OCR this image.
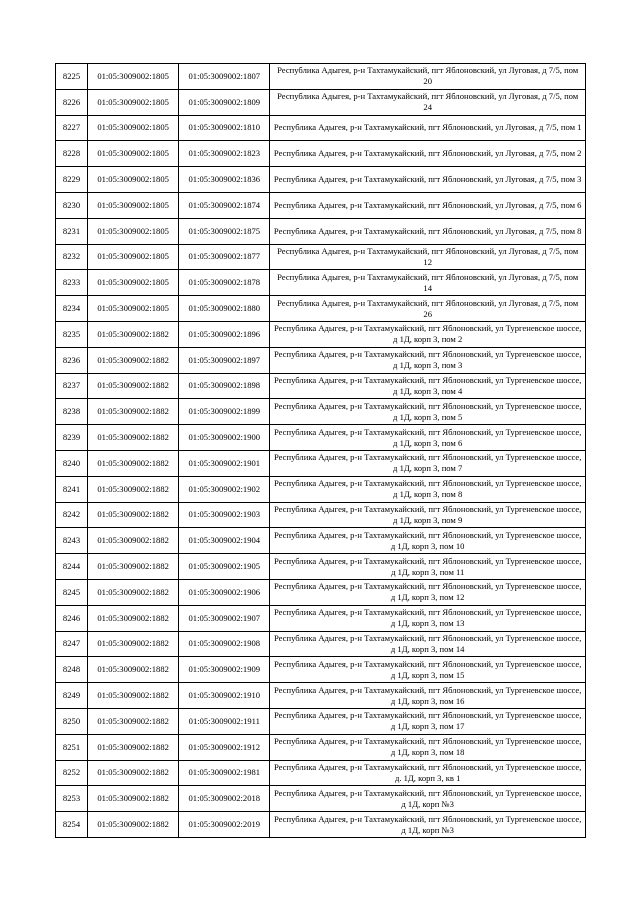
8225	01:05:3009002:1805	01:05:3009002:1807	Республика Адыгея, р-н Тахтамукайский, пгт Яблоновский, ул Луговая, д 7/5, пом 20
8226	01:05:3009002:1805	01:05:3009002:1809	Республика Адыгея, р-н Тахтамукайский, пгт Яблоновский, ул Луговая, д 7/5, пом 24
8227	01:05:3009002:1805	01:05:3009002:1810	Республика Адыгея, р-н Тахтамукайский, пгт Яблоновский, ул Луговая, д 7/5, пом 1
8228	01:05:3009002:1805	01:05:3009002:1823	Республика Адыгея, р-н Тахтамукайский, пгт Яблоновский, ул Луговая, д 7/5, пом 2
8229	01:05:3009002:1805	01:05:3009002:1836	Республика Адыгея, р-н Тахтамукайский, пгт Яблоновский, ул Луговая, д 7/5, пом 3
8230	01:05:3009002:1805	01:05:3009002:1874	Республика Адыгея, р-н Тахтамукайский, пгт Яблоновский, ул Луговая, д 7/5, пом 6
8231	01:05:3009002:1805	01:05:3009002:1875	Республика Адыгея, р-н Тахтамукайский, пгт Яблоновский, ул Луговая, д 7/5, пом 8
8232	01:05:3009002:1805	01:05:3009002:1877	Республика Адыгея, р-н Тахтамукайский, пгт Яблоновский, ул Луговая, д 7/5, пом 12
8233	01:05:3009002:1805	01:05:3009002:1878	Республика Адыгея, р-н Тахтамукайский, пгт Яблоновский, ул Луговая, д 7/5, пом 14
8234	01:05:3009002:1805	01:05:3009002:1880	Республика Адыгея, р-н Тахтамукайский, пгт Яблоновский, ул Луговая, д 7/5, пом 26
8235	01:05:3009002:1882	01:05:3009002:1896	Республика Адыгея, р-н Тахтамукайский, пгт Яблоновский, ул Тургеневское шоссе, д 1Д, корп 3, пом 2
8236	01:05:3009002:1882	01:05:3009002:1897	Республика Адыгея, р-н Тахтамукайский, пгт Яблоновский, ул Тургеневское шоссе, д 1Д, корп 3, пом 3
8237	01:05:3009002:1882	01:05:3009002:1898	Республика Адыгея, р-н Тахтамукайский, пгт Яблоновский, ул Тургеневское шоссе, д 1Д, корп 3, пом 4
8238	01:05:3009002:1882	01:05:3009002:1899	Республика Адыгея, р-н Тахтамукайский, пгт Яблоновский, ул Тургеневское шоссе, д 1Д, корп 3, пом 5
8239	01:05:3009002:1882	01:05:3009002:1900	Республика Адыгея, р-н Тахтамукайский, пгт Яблоновский, ул Тургеневское шоссе, д 1Д, корп 3, пом 6
8240	01:05:3009002:1882	01:05:3009002:1901	Республика Адыгея, р-н Тахтамукайский, пгт Яблоновский, ул Тургеневское шоссе, д 1Д, корп 3, пом 7
8241	01:05:3009002:1882	01:05:3009002:1902	Республика Адыгея, р-н Тахтамукайский, пгт Яблоновский, ул Тургеневское шоссе, д 1Д, корп 3, пом 8
8242	01:05:3009002:1882	01:05:3009002:1903	Республика Адыгея, р-н Тахтамукайский, пгт Яблоновский, ул Тургеневское шоссе, д 1Д, корп 3, пом 9
8243	01:05:3009002:1882	01:05:3009002:1904	Республика Адыгея, р-н Тахтамукайский, пгт Яблоновский, ул Тургеневское шоссе, д 1Д, корп 3, пом 10
8244	01:05:3009002:1882	01:05:3009002:1905	Республика Адыгея, р-н Тахтамукайский, пгт Яблоновский, ул Тургеневское шоссе, д 1Д, корп 3, пом 11
8245	01:05:3009002:1882	01:05:3009002:1906	Республика Адыгея, р-н Тахтамукайский, пгт Яблоновский, ул Тургеневское шоссе, д 1Д, корп 3, пом 12
8246	01:05:3009002:1882	01:05:3009002:1907	Республика Адыгея, р-н Тахтамукайский, пгт Яблоновский, ул Тургеневское шоссе, д 1Д, корп 3, пом 13
8247	01:05:3009002:1882	01:05:3009002:1908	Республика Адыгея, р-н Тахтамукайский, пгт Яблоновский, ул Тургеневское шоссе, д 1Д, корп 3, пом 14
8248	01:05:3009002:1882	01:05:3009002:1909	Республика Адыгея, р-н Тахтамукайский, пгт Яблоновский, ул Тургеневское шоссе, д 1Д, корп 3, пом 15
8249	01:05:3009002:1882	01:05:3009002:1910	Республика Адыгея, р-н Тахтамукайский, пгт Яблоновский, ул Тургеневское шоссе, д 1Д, корп 3, пом 16
8250	01:05:3009002:1882	01:05:3009002:1911	Республика Адыгея, р-н Тахтамукайский, пгт Яблоновский, ул Тургеневское шоссе, д 1Д, корп 3, пом 17
8251	01:05:3009002:1882	01:05:3009002:1912	Республика Адыгея, р-н Тахтамукайский, пгт Яблоновский, ул Тургеневское шоссе, д 1Д, корп 3, пом 18
8252	01:05:3009002:1882	01:05:3009002:1981	Республика Адыгея, р-н Тахтамукайский, пгт Яблоновский, ул Тургеневское шоссе, д. 1Д, корп 3, кв 1
8253	01:05:3009002:1882	01:05:3009002:2018	Республика Адыгея, р-н Тахтамукайский, пгт Яблоновский, ул Тургеневское шоссе, д 1Д, корп №3
8254	01:05:3009002:1882	01:05:3009002:2019	Республика Адыгея, р-н Тахтамукайский, пгт Яблоновский, ул Тургеневское шоссе, д 1Д, корп №3
